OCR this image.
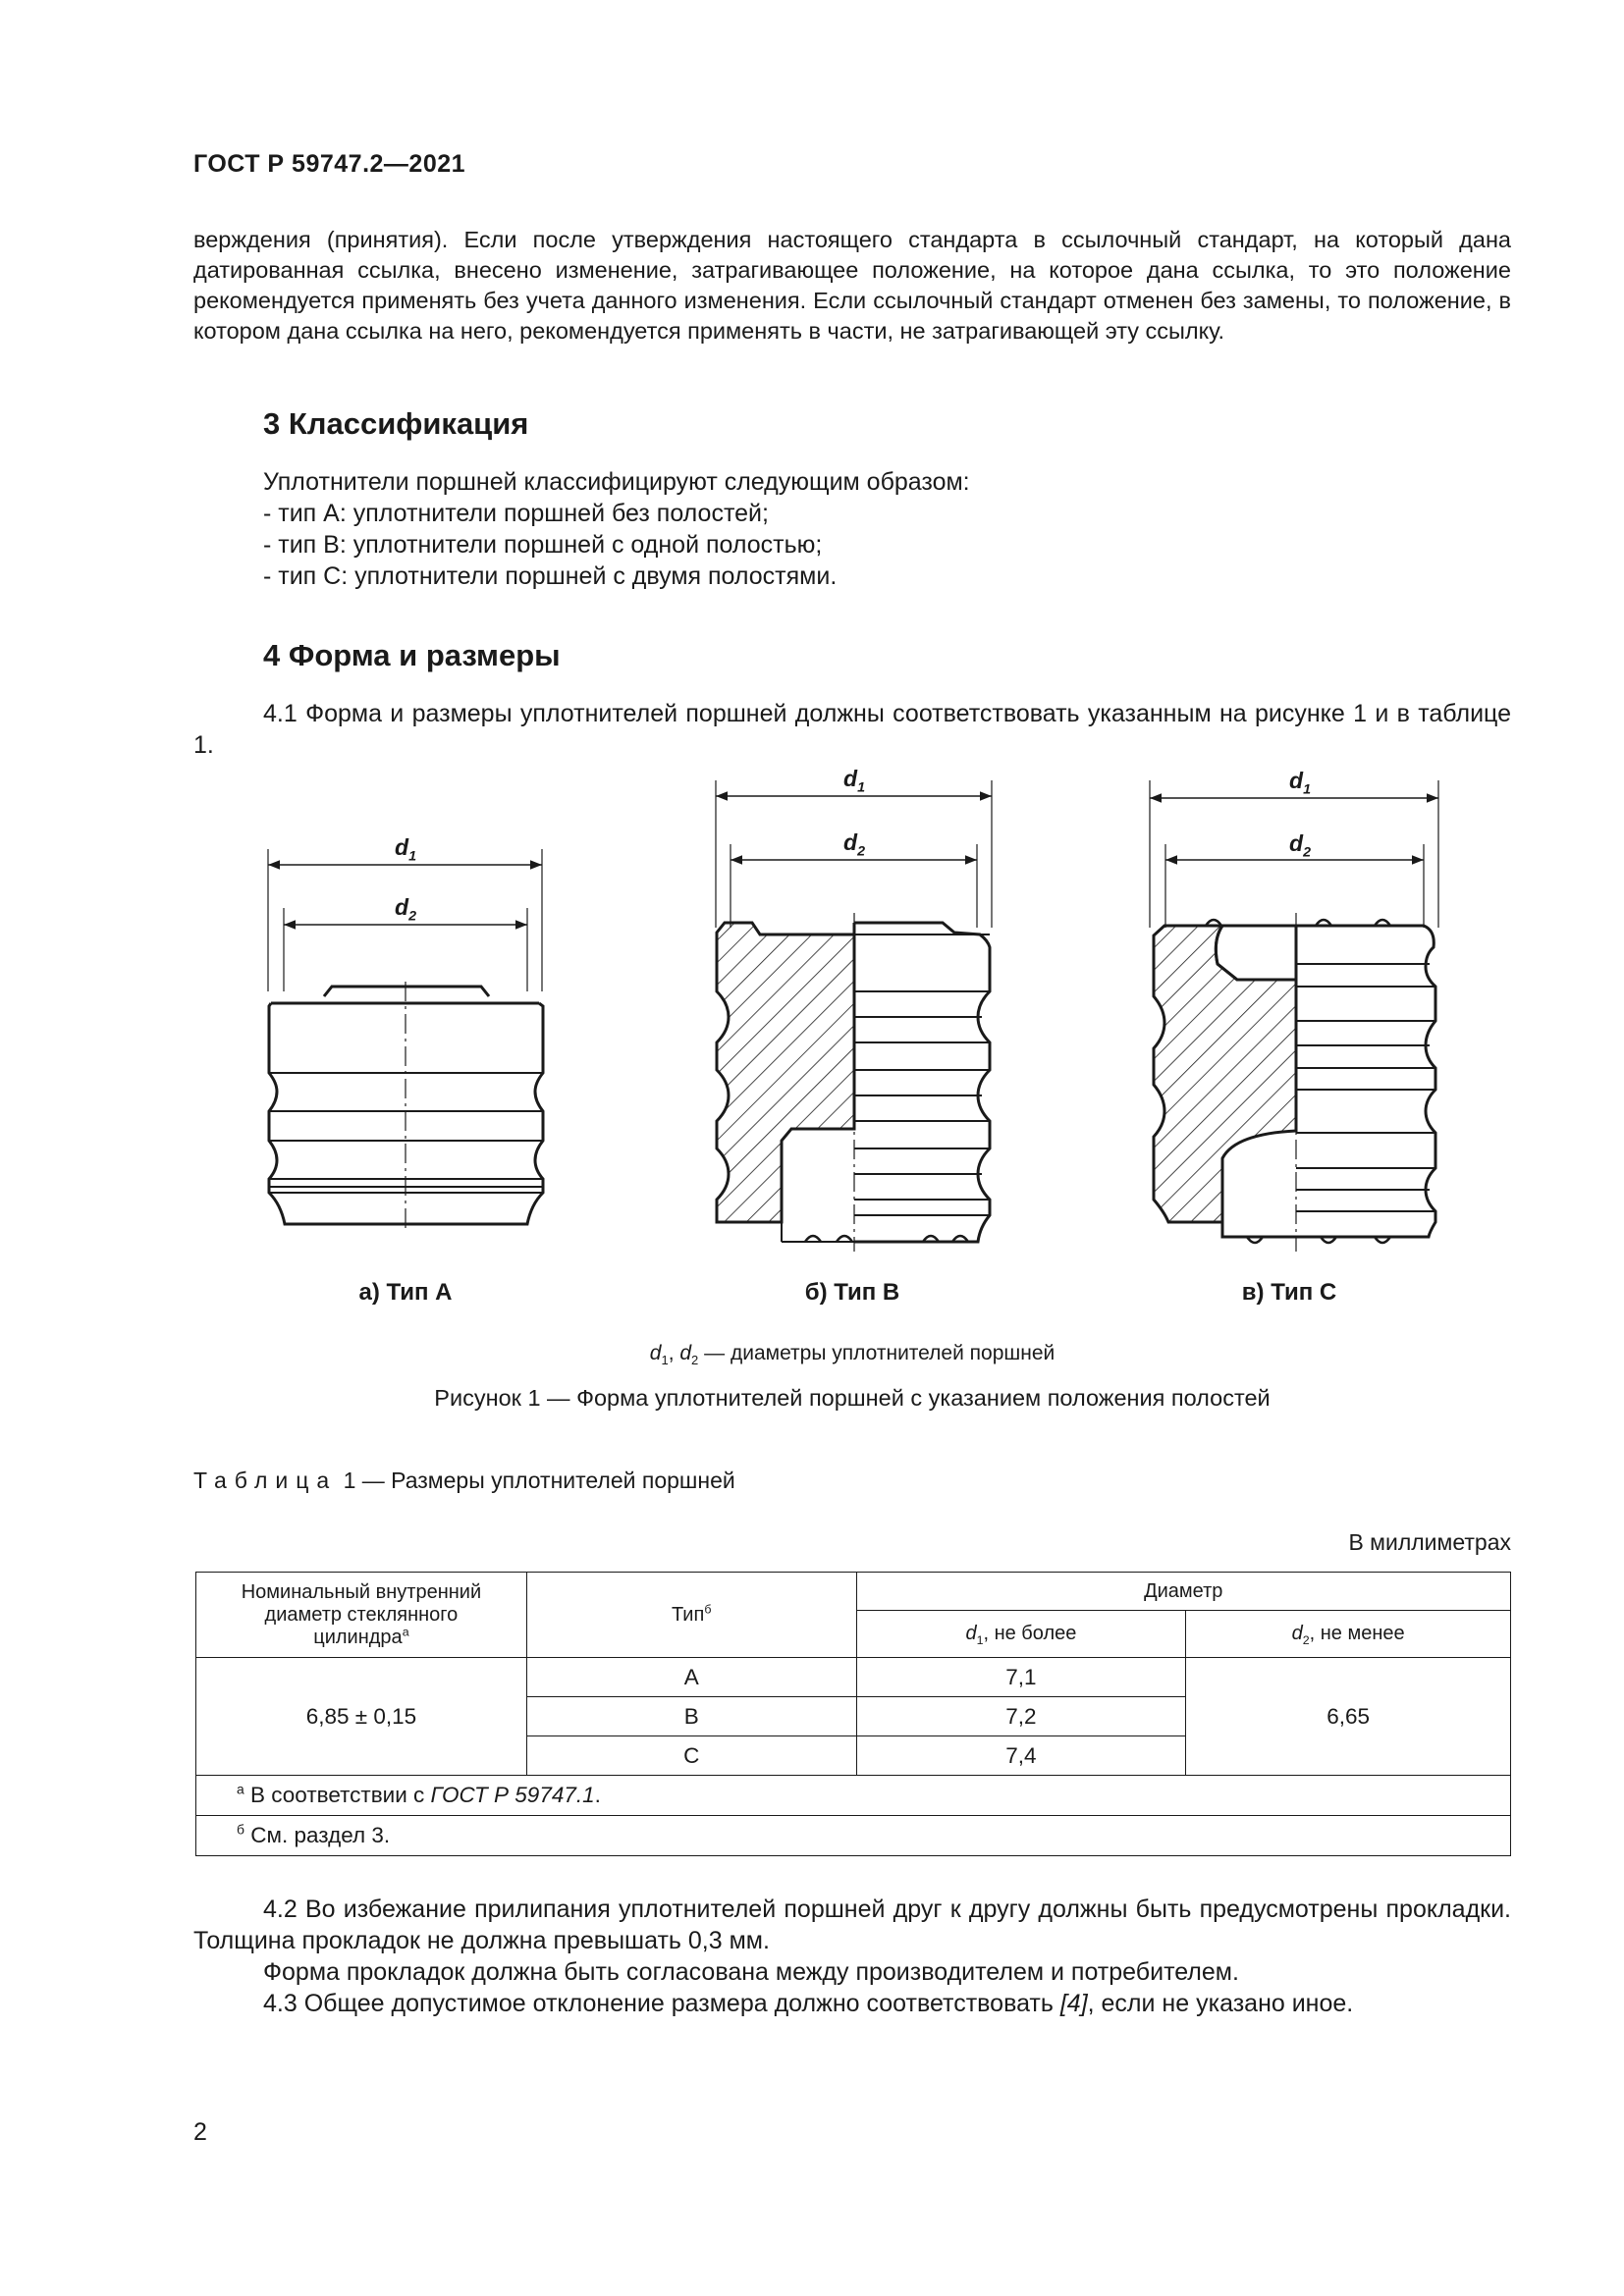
ГОСТ Р 59747.2—2021
верждения (принятия). Если после утверждения настоящего стандарта в ссылочный стандарт, на который дана датированная ссылка, внесено изменение, затрагивающее положение, на которое дана ссылка, то это положение рекомендуется применять без учета данного изменения. Если ссылочный стандарт отменен без замены, то положение, в котором дана ссылка на него, рекомендуется применять в части, не затрагивающей эту ссылку.
3 Классификация
Уплотнители поршней классифицируют следующим образом:
- тип А: уплотнители поршней без полостей;
- тип В: уплотнители поршней с одной полостью;
- тип С: уплотнители поршней с двумя полостями.
4 Форма и размеры
4.1 Форма и размеры уплотнителей поршней должны соответствовать указанным на рисунке 1 и в таблице 1.
$d_1$
$d_2$
$d_1$
$d_2$
$d_1$
$d_2$
а) Тип А	б) Тип В	в) Тип С
$d_1$, $d_2$ — диаметры уплотнителей поршней
Рисунок 1 — Форма уплотнителей поршней с указанием положения полостей
Таблица 1 — Размеры уплотнителей поршней
В миллиметрах
Номинальный внутренний диаметр стеклянного цилиндра$^а$	Тип$^б$	Диаметр	
		$d_1$, не более	$d_2$, не менее
6,85 ± 0,15	А	7,1	6,65
	В	7,2	
	С	7,4	
$^а$ В соответствии с ГОСТ Р 59747.1.			
$^б$ См. раздел 3.			
4.2 Во избежание прилипания уплотнителей поршней друг к другу должны быть предусмотрены прокладки. Толщина прокладок не должна превышать 0,3 мм.
Форма прокладок должна быть согласована между производителем и потребителем.
4.3 Общее допустимое отклонение размера должно соответствовать [4], если не указано иное.
2
